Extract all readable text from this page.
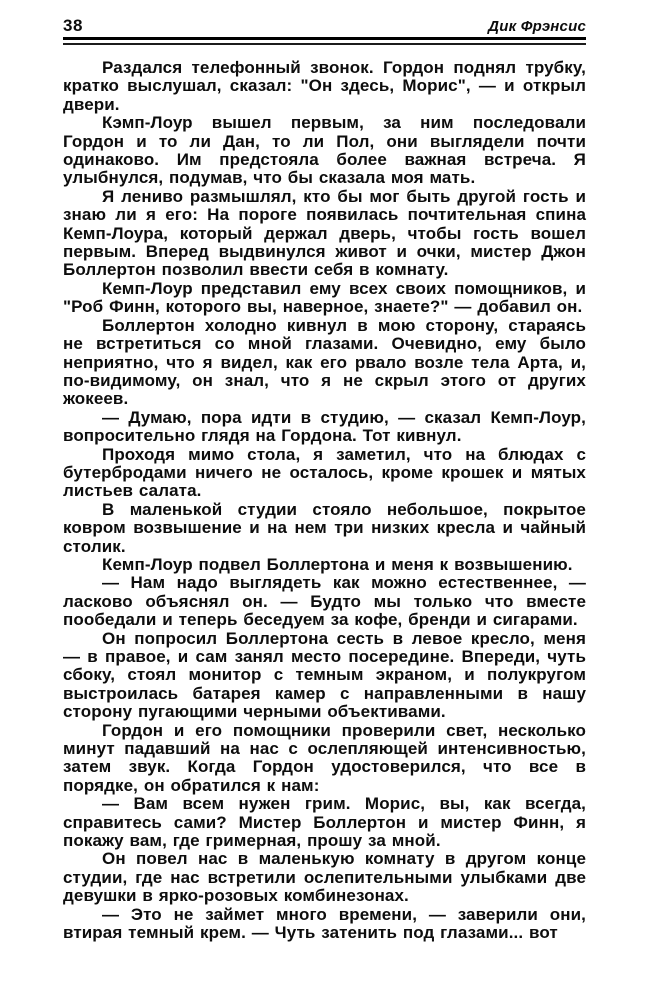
38	Дик Фрэнсис

Раздался телефонный звонок. Гордон поднял трубку, кратко выслушал, сказал: "Он здесь, Морис", — и открыл двери.

Кэмп-Лоур вышел первым, за ним последовали Гордон и то ли Дан, то ли Пол, они выглядели почти одинаково. Им предстояла более важная встреча. Я улыбнулся, подумав, что бы сказала моя мать.

Я лениво размышлял, кто бы мог быть другой гость и знаю ли я его: На пороге появилась почтительная спина Кемп-Лоура, который держал дверь, чтобы гость вошел первым. Вперед выдвинулся живот и очки, мистер Джон Боллертон позволил ввести себя в комнату.

Кемп-Лоур представил ему всех своих помощников, и "Роб Финн, которого вы, наверное, знаете?" — добавил он.

Боллертон холодно кивнул в мою сторону, стараясь не встретиться со мной глазами. Очевидно, ему было неприятно, что я видел, как его рвало возле тела Арта, и, по-видимому, он знал, что я не скрыл этого от других жокеев.

— Думаю, пора идти в студию, — сказал Кемп-Лоур, вопросительно глядя на Гордона. Тот кивнул.

Проходя мимо стола, я заметил, что на блюдах с бутербродами ничего не осталось, кроме крошек и мятых листьев салата.

В маленькой студии стояло небольшое, покрытое ковром возвышение и на нем три низких кресла и чайный столик.

Кемп-Лоур подвел Боллертона и меня к возвышению.

— Нам надо выглядеть как можно естественнее, — ласково объяснял он. — Будто мы только что вместе пообедали и теперь беседуем за кофе, бренди и сигарами.

Он попросил Боллертона сесть в левое кресло, меня — в правое, и сам занял место посередине. Впереди, чуть сбоку, стоял монитор с темным экраном, и полукругом выстроилась батарея камер с направленными в нашу сторону пугающими черными объективами.

Гордон и его помощники проверили свет, несколько минут падавший на нас с ослепляющей интенсивностью, затем звук. Когда Гордон удостоверился, что все в порядке, он обратился к нам:

— Вам всем нужен грим. Морис, вы, как всегда, справитесь сами? Мистер Боллертон и мистер Финн, я покажу вам, где гримерная, прошу за мной.

Он повел нас в маленькую комнату в другом конце студии, где нас встретили ослепительными улыбками две девушки в ярко-розовых комбинезонах.

— Это не займет много времени, — заверили они, втирая темный крем. — Чуть затенить под глазами... вот
